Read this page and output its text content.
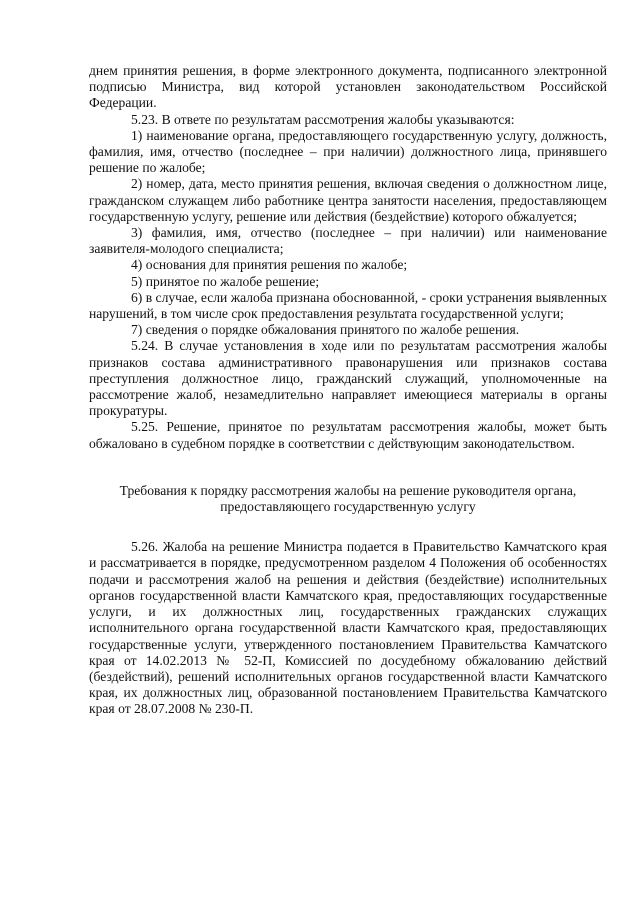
днем принятия решения, в форме электронного документа, подписанного электронной подписью Министра, вид которой установлен законодательством Российской Федерации.

5.23. В ответе по результатам рассмотрения жалобы указываются:

1) наименование органа, предоставляющего государственную услугу, должность, фамилия, имя, отчество (последнее – при наличии) должностного лица, принявшего решение по жалобе;

2) номер, дата, место принятия решения, включая сведения о должностном лице, гражданском служащем либо работнике центра занятости населения, предоставляющем государственную услугу, решение или действия (бездействие) которого обжалуется;

3) фамилия, имя, отчество (последнее – при наличии) или наименование заявителя-молодого специалиста;

4) основания для принятия решения по жалобе;

5) принятое по жалобе решение;

6) в случае, если жалоба признана обоснованной, - сроки устранения выявленных нарушений, в том числе срок предоставления результата государственной услуги;

7) сведения о порядке обжалования принятого по жалобе решения.

5.24. В случае установления в ходе или по результатам рассмотрения жалобы признаков состава административного правонарушения или признаков состава преступления должностное лицо, гражданский служащий, уполномоченные на рассмотрение жалоб, незамедлительно направляет имеющиеся материалы в органы прокуратуры.

5.25. Решение, принятое по результатам рассмотрения жалобы, может быть обжаловано в судебном порядке в соответствии с действующим законодательством.

Требования к порядку рассмотрения жалобы на решение руководителя органа, предоставляющего государственную услугу

5.26. Жалоба на решение Министра подается в Правительство Камчатского края и рассматривается в порядке, предусмотренном разделом 4 Положения об особенностях подачи и рассмотрения жалоб на решения и действия (бездействие) исполнительных органов государственной власти Камчатского края, предоставляющих государственные услуги, и их должностных лиц, государственных гражданских служащих исполнительного органа государственной власти Камчатского края, предоставляющих государственные услуги, утвержденного постановлением Правительства Камчатского края от 14.02.2013 № 52-П, Комиссией по досудебному обжалованию действий (бездействий), решений исполнительных органов государственной власти Камчатского края, их должностных лиц, образованной постановлением Правительства Камчатского края от 28.07.2008 № 230-П.
